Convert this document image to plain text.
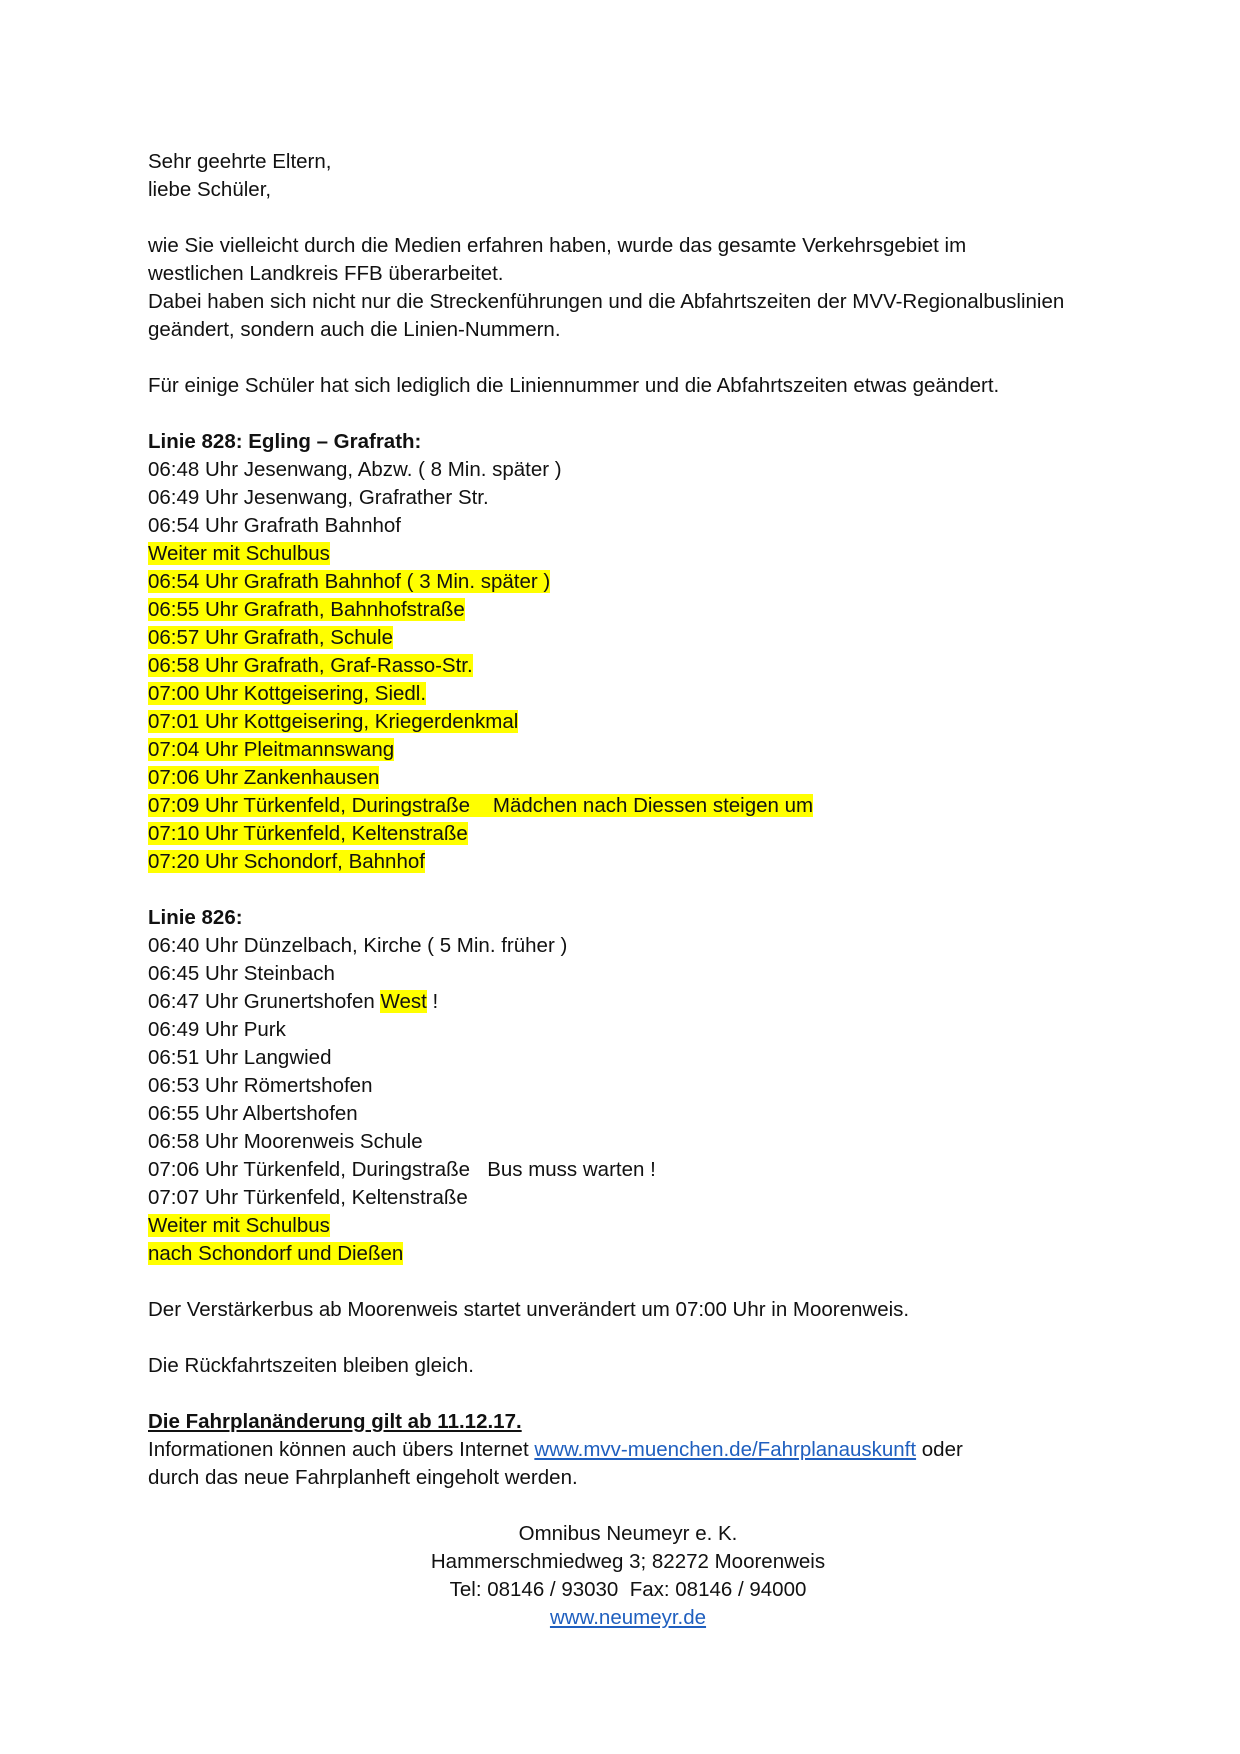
Sehr geehrte Eltern,
liebe Schüler,
wie Sie vielleicht durch die Medien erfahren haben, wurde das gesamte Verkehrsgebiet im
westlichen Landkreis FFB überarbeitet.
Dabei haben sich nicht nur die Streckenführungen und die Abfahrtszeiten der MVV-Regionalbuslinien
geändert, sondern auch die Linien-Nummern.
Für einige Schüler hat sich lediglich die Liniennummer und die Abfahrtszeiten etwas geändert.
Linie 828: Egling – Grafrath:
06:48 Uhr Jesenwang, Abzw. ( 8 Min. später )
06:49 Uhr Jesenwang, Grafrather Str.
06:54 Uhr Grafrath Bahnhof
Weiter mit Schulbus
06:54 Uhr Grafrath Bahnhof ( 3 Min. später )
06:55 Uhr Grafrath, Bahnhofstraße
06:57 Uhr Grafrath, Schule
06:58 Uhr Grafrath, Graf-Rasso-Str.
07:00 Uhr Kottgeisering, Siedl.
07:01 Uhr Kottgeisering, Kriegerdenkmal
07:04 Uhr Pleitmannswang
07:06 Uhr Zankenhausen
07:09 Uhr Türkenfeld, Duringstraße Mädchen nach Diessen steigen um
07:10 Uhr Türkenfeld, Keltenstraße
07:20 Uhr Schondorf, Bahnhof
Linie 826:
06:40 Uhr Dünzelbach, Kirche ( 5 Min. früher )
06:45 Uhr Steinbach
06:47 Uhr Grunertshofen West !
06:49 Uhr Purk
06:51 Uhr Langwied
06:53 Uhr Römertshofen
06:55 Uhr Albertshofen
06:58 Uhr Moorenweis Schule
07:06 Uhr Türkenfeld, Duringstraße Bus muss warten !
07:07 Uhr Türkenfeld, Keltenstraße
Weiter mit Schulbus
nach Schondorf und Dießen
Der Verstärkerbus ab Moorenweis startet unverändert um 07:00 Uhr in Moorenweis.
Die Rückfahrtszeiten bleiben gleich.
Die Fahrplanänderung gilt ab 11.12.17.
Informationen können auch übers Internet www.mvv-muenchen.de/Fahrplanauskunft oder
durch das neue Fahrplanheft eingeholt werden.
Omnibus Neumeyr e. K.
Hammerschmiedweg 3; 82272 Moorenweis
Tel: 08146 / 93030  Fax: 08146 / 94000
www.neumeyr.de
